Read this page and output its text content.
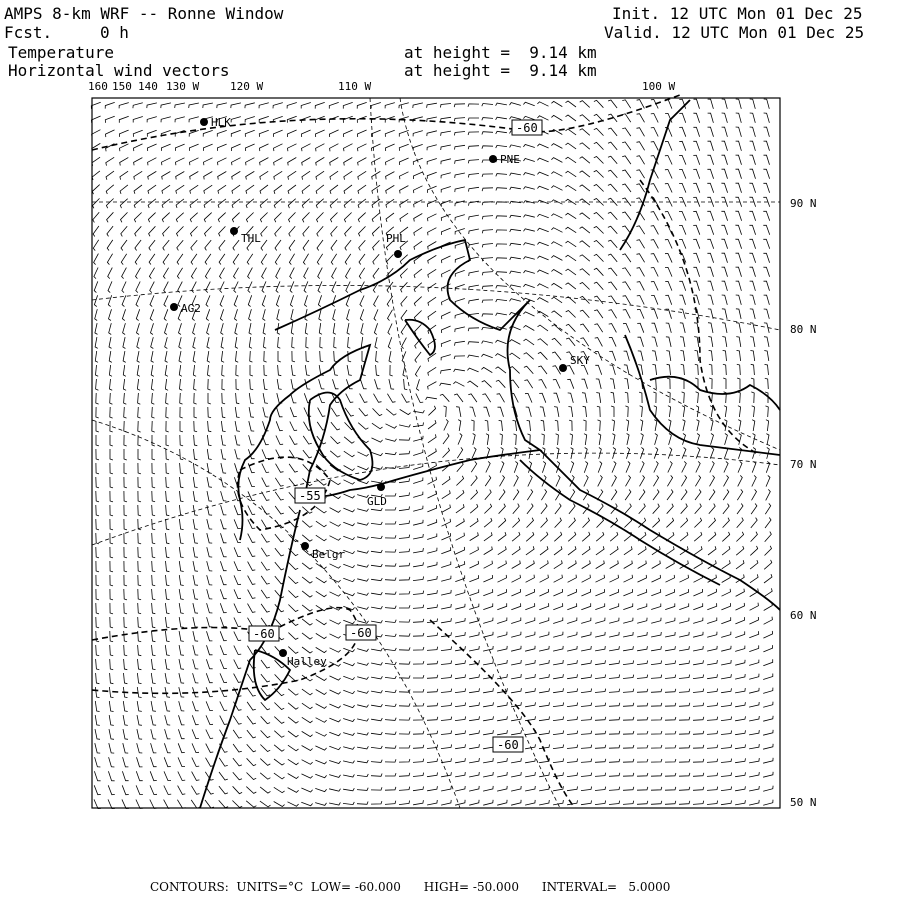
AMPS 8-km WRF -- Ronne Window
Fcst.	0 h
Temperature
Horizontal wind vectors
at height =  9.14 km
at height =  9.14 km
Init. 12 UTC Mon 01 Dec 25
Valid. 12 UTC Mon 01 Dec 25
HLK
PNE
THL	PHL
AG2
SKY
GLD
Belgr
Halley
-60
-55
-60	-60
-60
160 150 140 130 W	120 W	110 W	100 W
90 N
80 N
70 N
60 N
50 N
CONTOURS:  UNITS=°C  LOW= -60.000      HIGH= -50.000      INTERVAL=   5.0000
